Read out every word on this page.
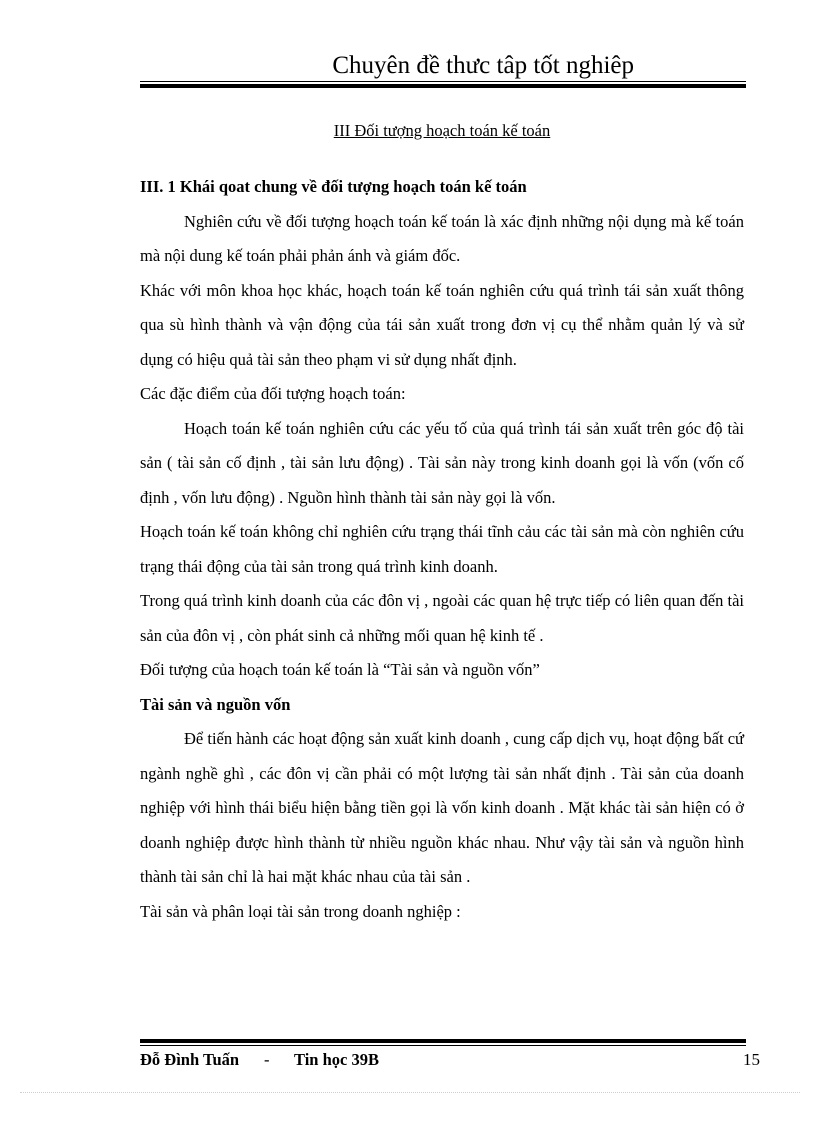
Chuyên đề thưc tâp tốt nghiêp

III Đối tượng hoạch toán kế toán

III. 1 Khái qoat chung về đối tượng hoạch toán kế toán

Nghiên cứu về đối tượng hoạch toán kế toán là xác định những nội dụng mà kế toán mà nội dung kế toán phải phản ánh và giám đốc.

Khác với môn khoa học khác, hoạch toán kế toán nghiên cứu quá trình tái sản xuất thông qua sù hình thành và vận động của tái sản xuất trong đơn vị cụ thể nhằm quản lý và sử dụng có hiệu quả tài sản theo phạm vi sử dụng nhất định.

Các đặc điểm của đối tượng hoạch toán:

Hoạch toán kế toán nghiên cứu các yếu tố của quá trình tái sản xuất trên góc độ tài sản ( tài sản cố định , tài sản lưu động) . Tài sản này trong kinh doanh gọi là vốn (vốn cố định , vốn lưu động) . Nguồn hình thành tài sản này gọi là vốn.

Hoạch toán kế toán không chỉ nghiên cứu trạng thái tĩnh cảu các tài sản mà còn nghiên cứu trạng thái động của tài sản trong quá trình kinh doanh.

Trong quá trình kinh doanh của các đôn vị , ngoài các quan hệ trực tiếp có liên quan đến tài sản của đôn vị , còn phát sinh cả những mối quan hệ kinh tế .

Đối tượng của hoạch toán kế toán là “Tài sản và nguồn vốn”

Tài sản và nguồn vốn

Để tiến hành các hoạt động sản xuất kinh doanh , cung cấp dịch vụ, hoạt động bất cứ ngành nghề ghì , các đôn vị cần phải có một lượng tài sản nhất định . Tài sản của doanh nghiệp với hình thái biểu hiện bằng tiền gọi là vốn kinh doanh . Mặt khác tài sản hiện có ở doanh nghiệp được hình thành từ nhiều nguồn khác nhau. Như vậy tài sản và nguồn hình thành tài sản chỉ là hai mặt khác nhau của tài sản .

Tài sản và phân loại tài sản trong doanh nghiệp :

Đỗ Đình Tuấn - Tin học 39B	15
